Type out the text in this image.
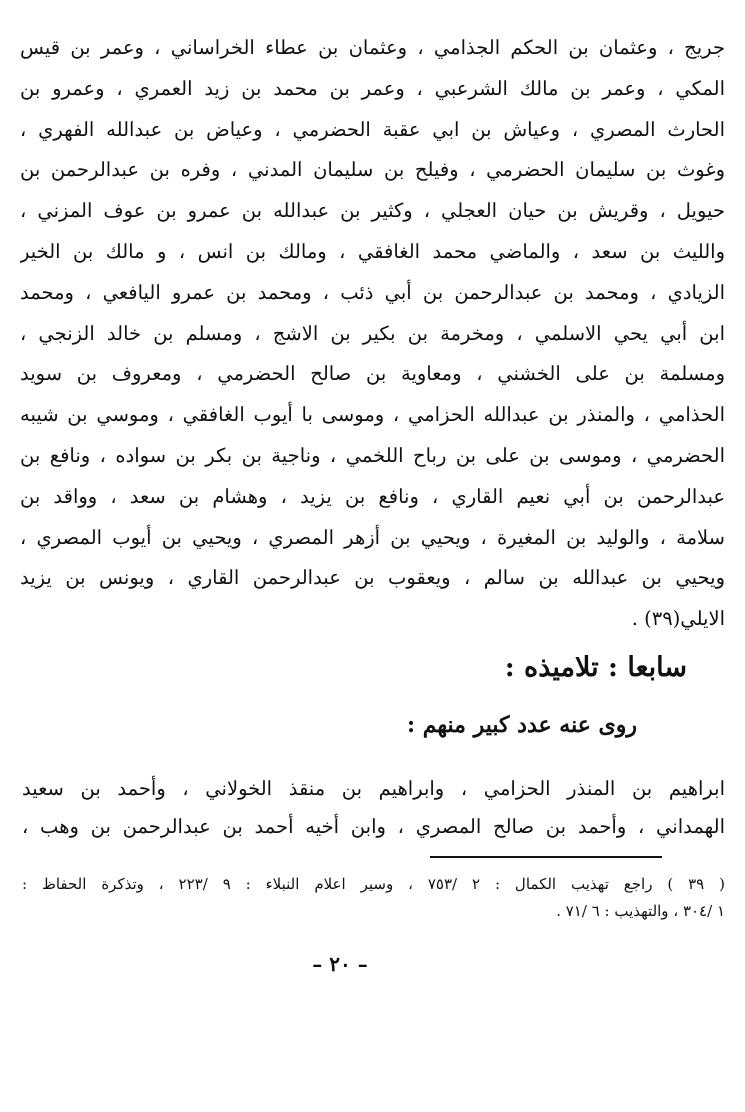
جريج ، وعثمان بن الحكم الجذامي ، وعثمان بن عطاء الخراساني ، وعمر بن قيس
المكي ، وعمر بن مالك الشرعبي ، وعمر بن محمد بن زيد العمري ، وعمرو بن
الحارث المصري ، وعياش بن ابي عقبة الحضرمي ، وعياض بن عبدالله الفهري ،
وغوث بن سليمان الحضرمي ، وفيلح بن سليمان المدني ، وفره بن عبدالرحمن بن
حيويل ، وقريش بن حيان العجلي ، وكثير بن عبدالله بن عمرو بن عوف المزني ،
والليث بن سعد ، والماضي محمد الغافقي ، ومالك بن انس ، و مالك بن الخير
الزيادي ، ومحمد بن عبدالرحمن بن أبي ذئب ، ومحمد بن عمرو اليافعي ، ومحمد
ابن أبي يحي الاسلمي ، ومخرمة بن بكير بن الاشج ، ومسلم بن خالد الزنجي ،
ومسلمة بن على الخشني ، ومعاوية بن صالح الحضرمي ، ومعروف بن سويد
الحذامي ، والمنذر بن عبدالله الحزامي ، وموسى با أيوب الغافقي ، وموسي بن شيبه
الحضرمي ، وموسى بن على بن رباح اللخمي ، وناجية بن بكر بن سواده ، ونافع بن
عبدالرحمن بن أبي نعيم القاري ، ونافع بن يزيد ، وهشام بن سعد ، وواقد بن
سلامة ، والوليد بن المغيرة ، ويحيي بن أزهر المصري ، ويحيي بن أيوب المصري ،
ويحيي بن عبدالله بن سالم ، ويعقوب بن عبدالرحمن القاري ، ويونس بن يزيد
الايلي(٣٩) .
سابعا : تلاميذه :
روى عنه عدد كبير منهم :
ابراهيم بن المنذر الحزامي ، وابراهيم بن منقذ الخولاني ، وأحمد بن سعيد
الهمداني ، وأحمد بن صالح المصري ، وابن أخيه أحمد بن عبدالرحمن بن وهب ،
( ٣٩ ) راجع تهذيب الكمال : ٢ /٧٥٣ ، وسير اعلام النبلاء : ٩ /٢٢٣ ، وتذكرة الحفاظ :
١ /٣٠٤ ، والتهذيب : ٦ /٧١ .
– ٢٠ –
